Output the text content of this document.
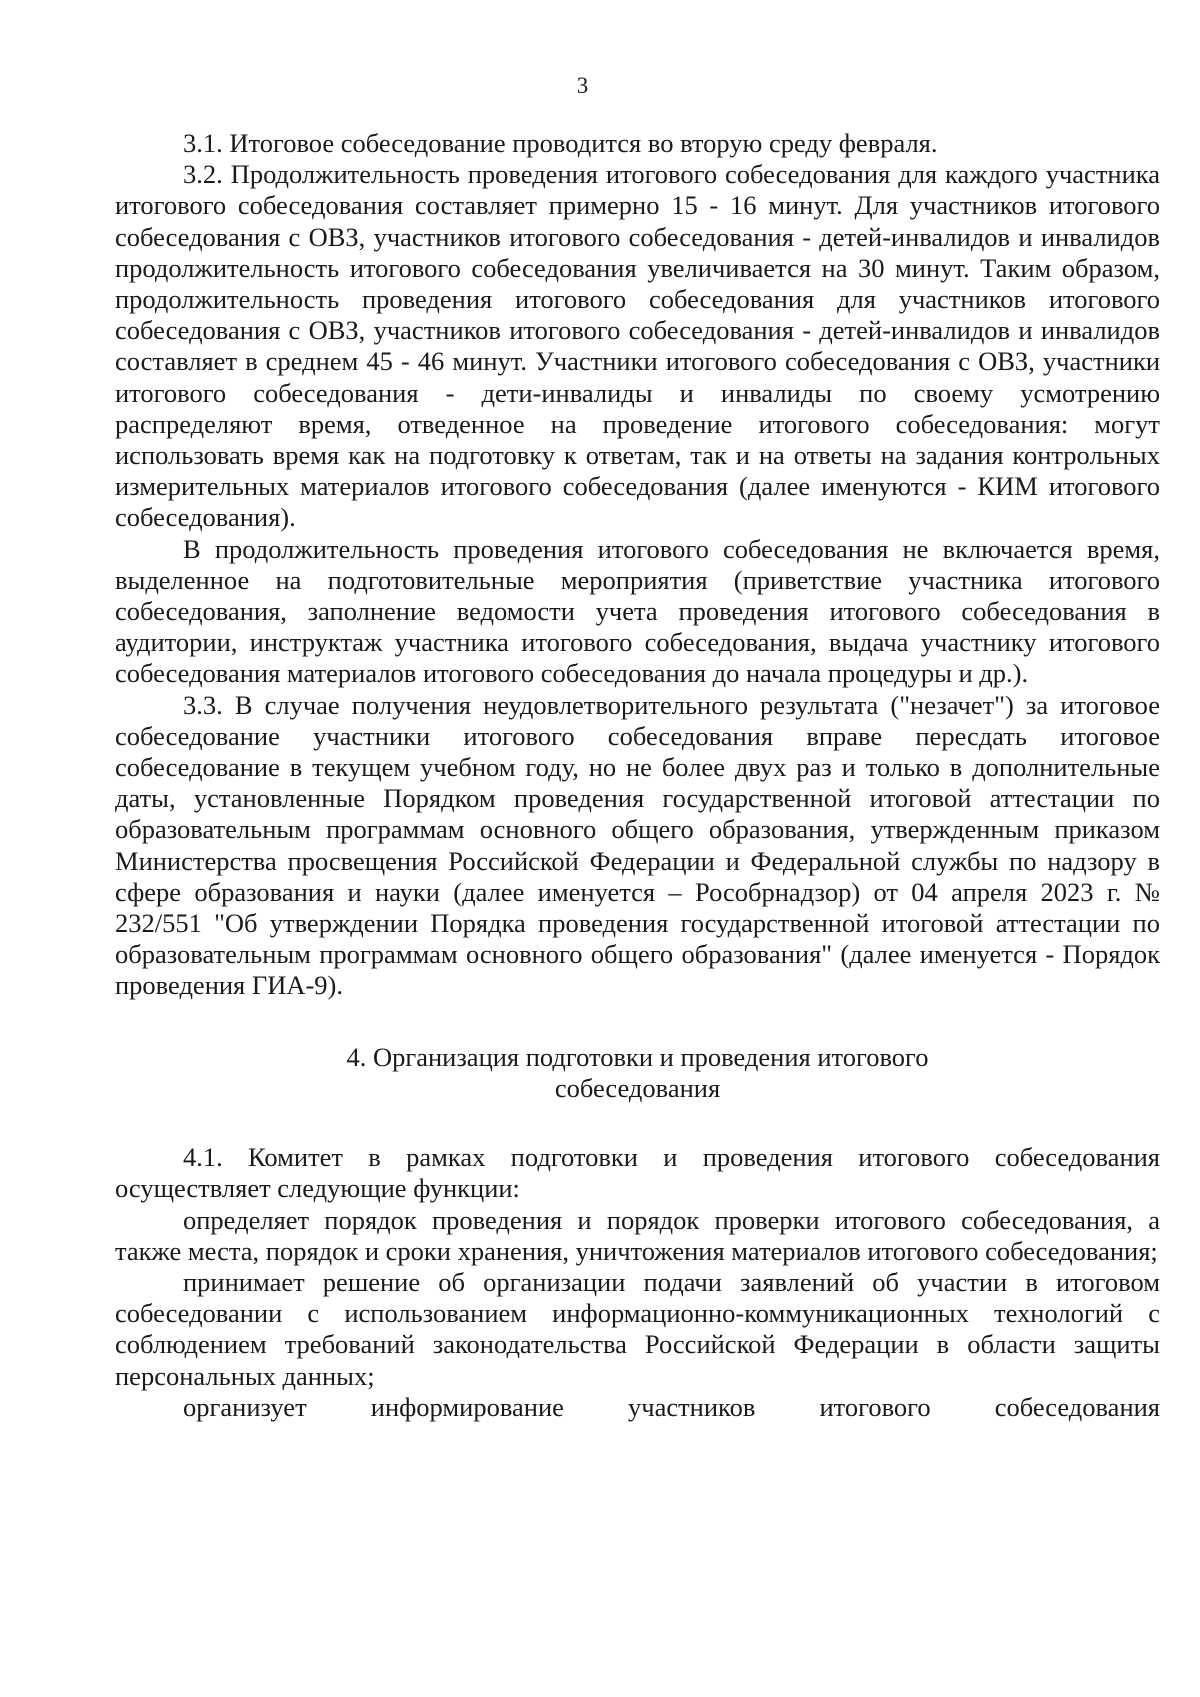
3

3.1. Итоговое собеседование проводится во вторую среду февраля.

3.2. Продолжительность проведения итогового собеседования для каждого участника итогового собеседования составляет примерно 15 - 16 минут. Для участников итогового собеседования с ОВЗ, участников итогового собеседования - детей-инвалидов и инвалидов продолжительность итогового собеседования увеличивается на 30 минут. Таким образом, продолжительность проведения итогового собеседования для участников итогового собеседования с ОВЗ, участников итогового собеседования - детей-инвалидов и инвалидов составляет в среднем 45 - 46 минут. Участники итогового собеседования с ОВЗ, участники итогового собеседования - дети-инвалиды и инвалиды по своему усмотрению распределяют время, отведенное на проведение итогового собеседования: могут использовать время как на подготовку к ответам, так и на ответы на задания контрольных измерительных материалов итогового собеседования (далее именуются - КИМ итогового собеседования).

В продолжительность проведения итогового собеседования не включается время, выделенное на подготовительные мероприятия (приветствие участника итогового собеседования, заполнение ведомости учета проведения итогового собеседования в аудитории, инструктаж участника итогового собеседования, выдача участнику итогового собеседования материалов итогового собеседования до начала процедуры и др.).

3.3. В случае получения неудовлетворительного результата ("незачет") за итоговое собеседование участники итогового собеседования вправе пересдать итоговое собеседование в текущем учебном году, но не более двух раз и только в дополнительные даты, установленные Порядком проведения государственной итоговой аттестации по образовательным программам основного общего образования, утвержденным приказом Министерства просвещения Российской Федерации и Федеральной службы по надзору в сфере образования и науки (далее именуется – Рособрнадзор) от 04 апреля 2023 г. № 232/551 "Об утверждении Порядка проведения государственной итоговой аттестации по образовательным программам основного общего образования" (далее именуется - Порядок проведения ГИА-9).

4. Организация подготовки и проведения итогового
собеседования

4.1. Комитет в рамках подготовки и проведения итогового собеседования осуществляет следующие функции:

определяет порядок проведения и порядок проверки итогового собеседования, а также места, порядок и сроки хранения, уничтожения материалов итогового собеседования;

принимает решение об организации подачи заявлений об участии в итоговом собеседовании с использованием информационно-коммуникационных технологий с соблюдением требований законодательства Российской Федерации в области защиты персональных данных;

организует информирование участников итогового собеседования
